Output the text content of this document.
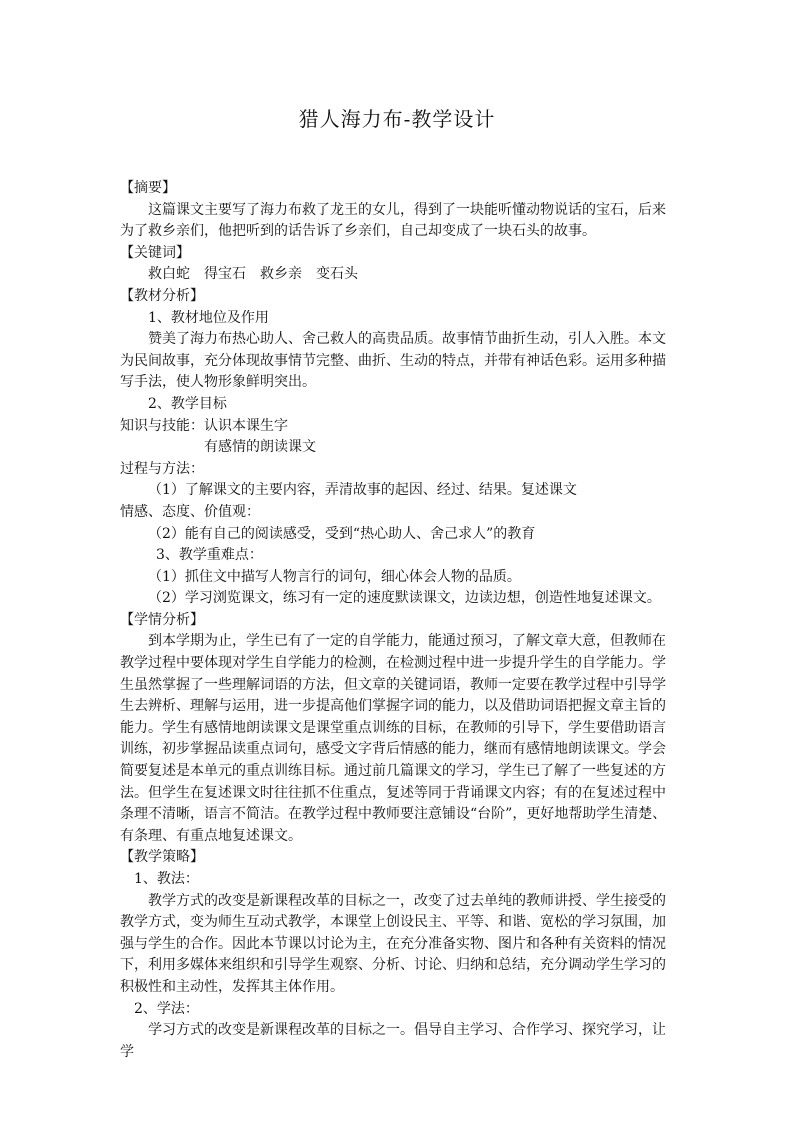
猎人海力布-教学设计

【摘要】

这篇课文主要写了海力布救了龙王的女儿，得到了一块能听懂动物说话的宝石，后来为了救乡亲们，他把听到的话告诉了乡亲们，自己却变成了一块石头的故事。

【关键词】

救白蛇　得宝石　救乡亲　变石头

【教材分析】

1、教材地位及作用

赞美了海力布热心助人、舍己救人的高贵品质。故事情节曲折生动，引人入胜。本文为民间故事，充分体现故事情节完整、曲折、生动的特点，并带有神话色彩。运用多种描写手法，使人物形象鲜明突出。

2、教学目标

知识与技能：认识本课生字

有感情的朗读课文

过程与方法：

（1）了解课文的主要内容，弄清故事的起因、经过、结果。复述课文

情感、态度、价值观：

（2）能有自己的阅读感受，受到“热心助人、舍己求人”的教育

3、教学重难点：

（1）抓住文中描写人物言行的词句，细心体会人物的品质。

（2）学习浏览课文，练习有一定的速度默读课文，边读边想，创造性地复述课文。

【学情分析】

到本学期为止，学生已有了一定的自学能力，能通过预习，了解文章大意，但教师在教学过程中要体现对学生自学能力的检测，在检测过程中进一步提升学生的自学能力。学生虽然掌握了一些理解词语的方法，但文章的关键词语，教师一定要在教学过程中引导学生去辨析、理解与运用，进一步提高他们掌握字词的能力，以及借助词语把握文章主旨的能力。学生有感情地朗读课文是课堂重点训练的目标，在教师的引导下，学生要借助语言训练，初步掌握品读重点词句，感受文字背后情感的能力，继而有感情地朗读课文。学会简要复述是本单元的重点训练目标。通过前几篇课文的学习，学生已了解了一些复述的方法。但学生在复述课文时往往抓不住重点，复述等同于背诵课文内容；有的在复述过程中条理不清晰，语言不简洁。在教学过程中教师要注意铺设“台阶”，更好地帮助学生清楚、有条理、有重点地复述课文。

【教学策略】

1、教法：

教学方式的改变是新课程改革的目标之一，改变了过去单纯的教师讲授、学生接受的教学方式，变为师生互动式教学，本课堂上创设民主、平等、和谐、宽松的学习氛围，加强与学生的合作。因此本节课以讨论为主，在充分准备实物、图片和各种有关资料的情况下，利用多媒体来组织和引导学生观察、分析、讨论、归纳和总结，充分调动学生学习的积极性和主动性，发挥其主体作用。

2、学法：

学习方式的改变是新课程改革的目标之一。倡导自主学习、合作学习、探究学习，让学
